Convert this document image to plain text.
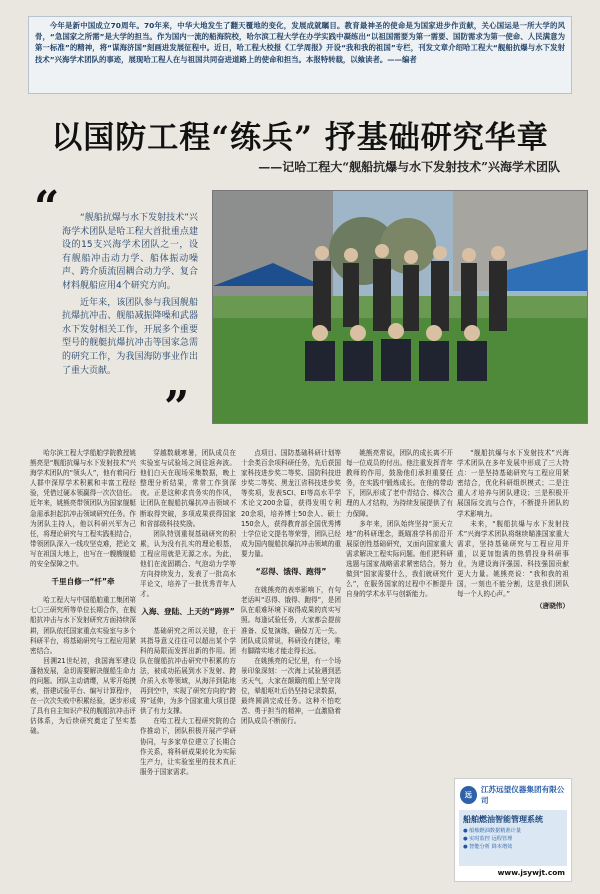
今年是新中国成立70周年。70年来，中华大地发生了翻天覆地的变化，发展成就瞩目。教育最神圣的使命是为国家进步作贡献，关心国运是一所大学的风骨，“急国家之所需”是大学的担当。作为国内一流的船海院校，哈尔滨工程大学在办学实践中凝练出“以祖国需要为第一需要、国防需求为第一使命、人民满意为第一标准”的精神，将“谋海济国”刻画进发展征程中。近日，哈工程大校报《工学周报》开设“我和我的祖国”专栏，刊发文章介绍哈工程大“舰船抗爆与水下发射技术”兴海学术团队的事迹，展现哈工程人在与祖国共同奋进道路上的使命和担当。本报特转载，以飨读者。——编者

以国防工程“练兵” 抒基础研究华章
——记哈工程大“舰船抗爆与水下发射技术”兴海学术团队
“	“舰船抗爆与水下发射技术”兴海学术团队是哈工程大首批重点建设的15支兴海学术团队之一，设有舰船冲击动力学、船体振动噪声、跨介质流固耦合动力学、复合材料舰船应用4个研究方向。

近年来，该团队参与我国舰船抗爆抗冲击、舰船减振降噪和武器水下发射相关工作，开展多个重要型号的舰艇抗爆抗冲击等国家急需的研究工作，为我国海防事业作出了重大贡献。

”

哈尔滨工程大学船舶学院教授姚熊亮是“舰船抗爆与水下发射技术”兴海学术团队的“领头人”，他有着同行人群中深厚学术积累和丰富工程经验，凭借过硬本领赢得一次次信任。近年来，姚熊亮带领团队为国家舰艇急需承担起抗冲击领域研究任务。作为团队主持人，他以科研兴军为己任，将理论研究与工程实践相结合，带领团队深入一线攻坚克难，把论文写在祖国大地上，也写在一艘艘舰船的安全保障之中。

千里自修一“忏”牵

哈工程大与中国船舶重工集团第七〇三研究所等单位长期合作，在舰船抗冲击与水下发射研究方面持续深耕，团队依托国家重点实验室与多个科研平台，将基础研究与工程应用紧密结合。

回溯21世纪初，我国海军建设蓬勃发展，急切需要解决舰船生命力的问题。团队主动请缨，从零开始摸索，搭建试验平台、编写计算程序，在一次次失败中积累经验，逐步形成了具有自主知识产权的舰船抗冲击评估体系，为后续研究奠定了坚实基础。

穿越数载寒暑，团队成员在实验室与试验场之间往返奔波。他们白天在现场采集数据，晚上整理分析结果，常常工作到深夜。正是这种求真务实的作风，让团队在舰船抗爆抗冲击领域不断取得突破，多项成果获得国家和省部级科技奖励。

团队特别重视基础研究的积累，认为没有扎实的理论根基，工程应用就是无源之水。为此，他们在流固耦合、气泡动力学等方向持续发力，发表了一批高水平论文，培养了一批优秀青年人才。

入海、登陆、上天的“跨界”

基础研究之所以关键，在于其指导意义往往可以超出某个学科的局限而发挥出新的作用。团队在舰船抗冲击研究中积累的方法，被成功拓展到水下发射、跨介质入水等领域，从海洋到陆地再到空中，实现了研究方向的“跨界”延伸，为多个国家重大项目提供了有力支撑。

在哈工程大工程研究院的合作推动下，团队积极开展产学研协同，与多家单位建立了长期合作关系，将科研成果转化为实际生产力，让实验室里的技术真正服务于国家需求。

点项目、国防基础科研计划等十余类百余项科研任务，先后获国家科技进步奖二等奖、国防科技进步奖二等奖、黑龙江省科技进步奖等奖项，发表SCI、EI等高水平学术论文200余篇，获得发明专利20余项，培养博士50余人、硕士150余人，获得教育部全国优秀博士学位论文提名等荣誉，团队已经成为国内舰船抗爆抗冲击领域的重要力量。

“忍得、饿得、跑得”

在姚熊亮的表率影响下，有句老话叫“忍得、饿得、跑得”，是团队在艰难环境下取得成果的真实写照。每逢试验任务，大家都会提前准备、反复演练，确保万无一失。团队成员常说，科研没有捷径，唯有脚踏实地才能走得长远。

在姚熊亮的记忆里，有一个场景印象深刻：一次海上试验遇到恶劣天气，大家在颠簸的船上坚守岗位，晕船呕吐后仍坚持记录数据，最终圆满完成任务。这种不怕吃苦、勇于担当的精神，一直激励着团队成员不断前行。

姚熊亮常说，团队的成长离不开每一位成员的付出。他注重发挥青年教师的作用，鼓励他们承担重要任务，在实践中锻炼成长。在他的带动下，团队形成了老中青结合、梯次合理的人才结构，为持续发展提供了有力保障。

多年来，团队始终坚持“顶天立地”的科研理念，既瞄准学科前沿开展原创性基础研究，又面向国家重大需求解决工程实际问题。他们把科研选题与国家战略需求紧密结合，努力做到“国家需要什么，我们就研究什么”，在服务国家的过程中不断提升自身的学术水平与创新能力。

“舰船抗爆与水下发射技术”兴海学术团队在多年发展中形成了三大特点：一是坚持基础研究与工程应用紧密结合，优化科研组织模式；二是注重人才培养与团队建设；三是积极开展国际交流与合作，不断提升团队的学术影响力。

未来，“舰船抗爆与水下发射技术”兴海学术团队将继续瞄准国家重大需求，坚持基础研究与工程应用并重，以更加饱满的热情投身科研事业，为建设海洋强国、科技强国贡献更大力量。姚熊亮说：“我和我的祖国，一刻也不能分割，这是我们团队每一个人的心声。”

（唐晓伟）

远
江苏远望仪器集团有限公司
船舶燃油智能管理系统
● 船舶燃油数据精准计量
● 实时监控 远程管理
● 智能分析 降本增效
www.jsywjt.com
